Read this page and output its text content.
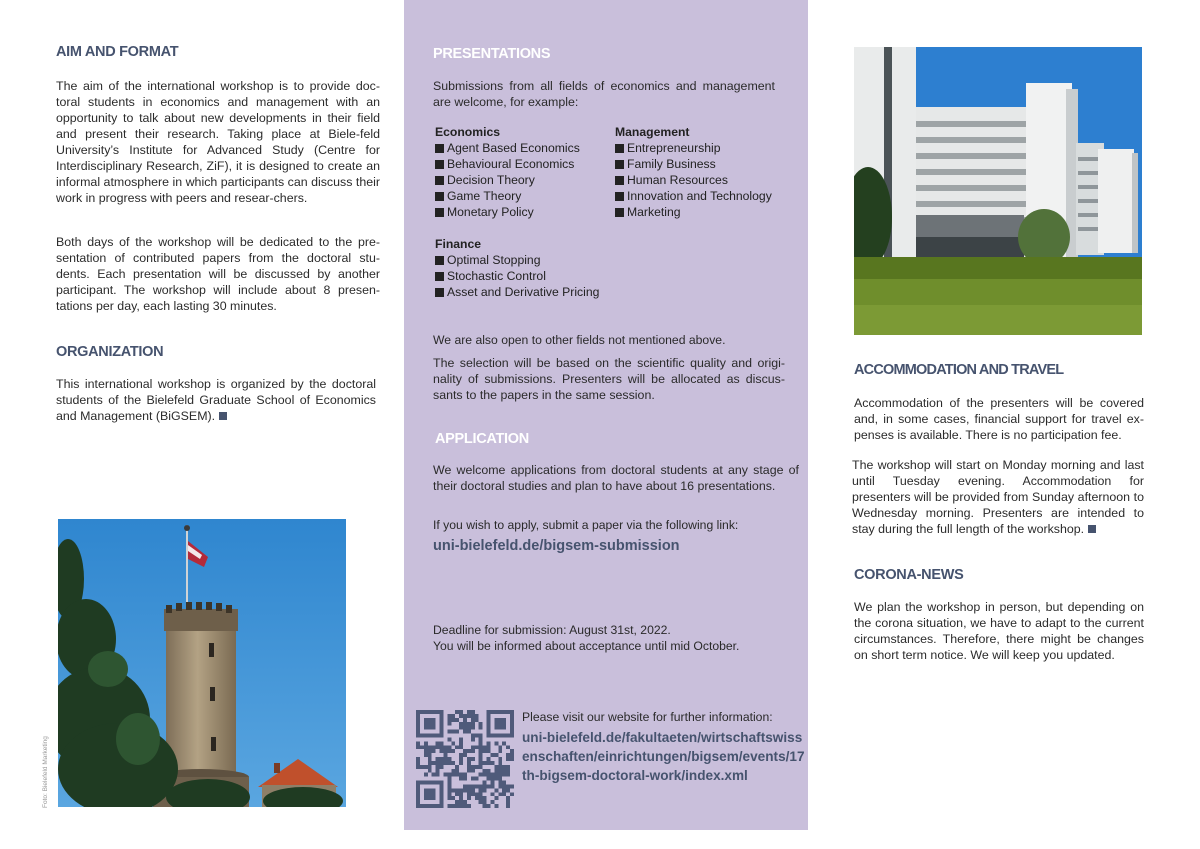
AIM AND FORMAT

The aim of the international workshop is to provide doc-toral students in economics and management with an opportunity to talk about new developments in their field and present their research. Taking place at Biele-feld University’s Institute for Advanced Study (Centre for Interdisciplinary Research, ZiF), it is designed to create an informal atmosphere in which participants can discuss their work in progress with peers and resear-chers.

Both days of the workshop will be dedicated to the pre-sentation of contributed papers from the doctoral stu-dents. Each presentation will be discussed by another participant. The workshop will include about 8 presen-tations per day, each lasting 30 minutes.

ORGANIZATION

This international workshop is organized by the doctoral students of the Bielefeld Graduate School of Economics and Management (BiGSEM).

Foto: Bielefeld Marketing
PRESENTATIONS

Submissions from all fields of economics and management are welcome, for example:

Economics
Agent Based Economics
Behavioural Economics
Decision Theory
Game Theory
Monetary Policy
Management
Entrepreneurship
Family Business
Human Resources
Innovation and Technology
Marketing
Finance
Optimal Stopping
Stochastic Control
Asset and Derivative Pricing

We are also open to other fields not mentioned above.

The selection will be based on the scientific quality and origi-nality of submissions. Presenters will be allocated as discus-sants to the papers in the same session.

APPLICATION

We welcome applications from doctoral students at any stage of their doctoral studies and plan to have about 16 presentations.

If you wish to apply, submit a paper via the following link:

uni-bielefeld.de/bigsem-submission
Deadline for submission: August 31st, 2022.
You will be informed about acceptance until mid October.
Please visit our website for further information:
uni-bielefeld.de/fakultaeten/wirtschaftswissenschaften/einrichtungen/bigsem/events/17th-bigsem-doctoral-work/index.xml
ACCOMMODATION AND TRAVEL

Accommodation of the presenters will be covered and, in some cases, financial support for travel ex-penses is available. There is no participation fee.

The workshop will start on Monday morning and last until Tuesday evening. Accommodation for presenters will be provided from Sunday afternoon to Wednesday morning. Presenters are intended to stay during the full length of the workshop.

CORONA-NEWS

We plan the workshop in person, but depending on the corona situation, we have to adapt to the current circumstances. Therefore, there might be changes on short term notice. We will keep you updated.
